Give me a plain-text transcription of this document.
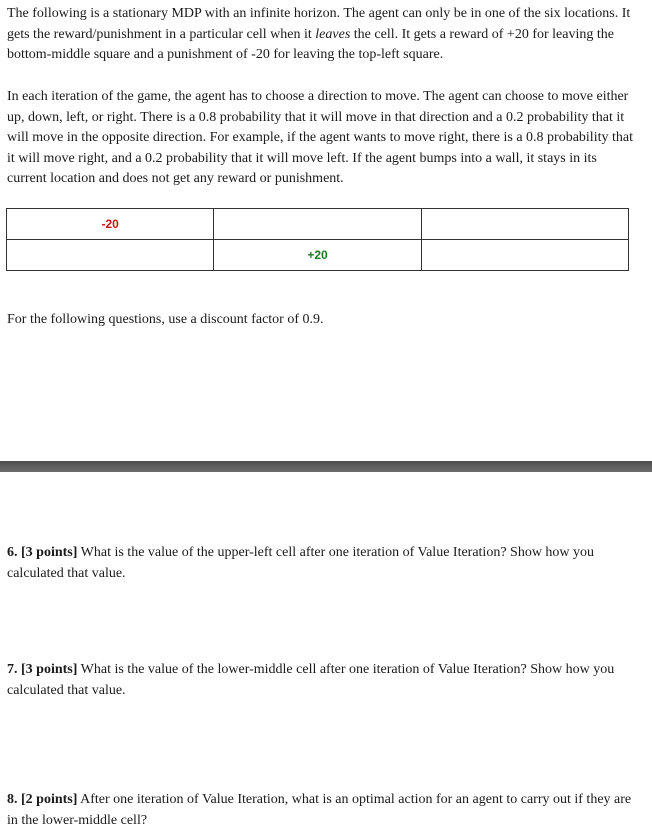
The following is a stationary MDP with an infinite horizon. The agent can only be in one of the six locations. It gets the reward/punishment in a particular cell when it leaves the cell. It gets a reward of +20 for leaving the bottom-middle square and a punishment of -20 for leaving the top-left square.

In each iteration of the game, the agent has to choose a direction to move. The agent can choose to move either up, down, left, or right. There is a 0.8 probability that it will move in that direction and a 0.2 probability that it will move in the opposite direction. For example, if the agent wants to move right, there is a 0.8 probability that it will move right, and a 0.2 probability that it will move left. If the agent bumps into a wall, it stays in its current location and does not get any reward or punishment.

-20		
	+20	

For the following questions, use a discount factor of 0.9.

6. [3 points] What is the value of the upper-left cell after one iteration of Value Iteration? Show how you calculated that value.

7. [3 points] What is the value of the lower-middle cell after one iteration of Value Iteration? Show how you calculated that value.

8. [2 points] After one iteration of Value Iteration, what is an optimal action for an agent to carry out if they are in the lower-middle cell?
